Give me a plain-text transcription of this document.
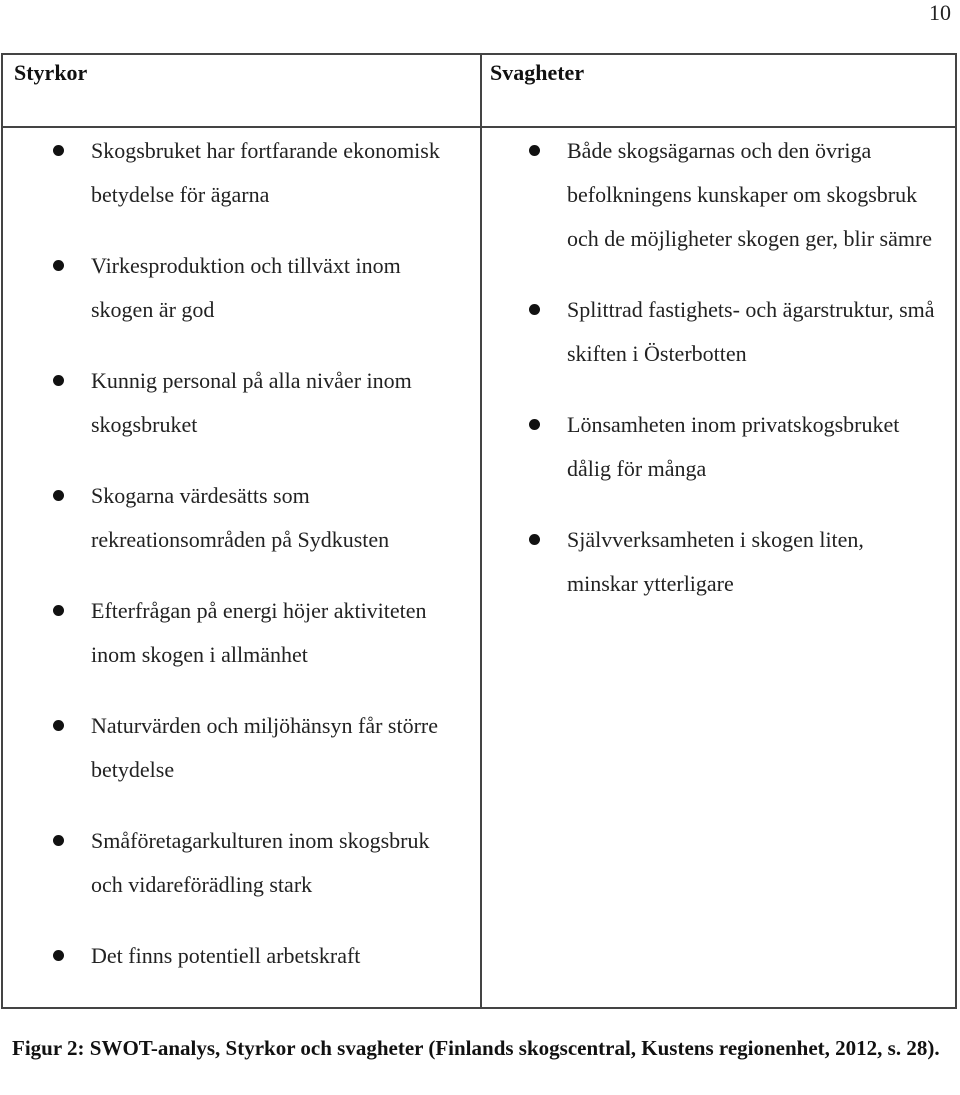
10
Styrkor	Svagheter
Skogsbruket har fortfarande ekonomisk betydelse för ägarna
Virkesproduktion och tillväxt inom skogen är god
Kunnig personal på alla nivåer inom skogsbruket
Skogarna värdesätts som rekreationsområden på Sydkusten
Efterfrågan på energi höjer aktiviteten inom skogen i allmänhet
Naturvärden och miljöhänsyn får större betydelse
Småföretagarkulturen inom skogsbruk och vidareförädling stark
Det finns potentiell arbetskraft
Både skogsägarnas och den övriga befolkningens kunskaper om skogsbruk och de möjligheter skogen ger, blir sämre
Splittrad fastighets- och ägarstruktur, små skiften i Österbotten
Lönsamheten inom privatskogsbruket dålig för många
Självverksamheten i skogen liten, minskar ytterligare
Figur 2: SWOT-analys, Styrkor och svagheter (Finlands skogscentral, Kustens regionenhet, 2012, s. 28).
